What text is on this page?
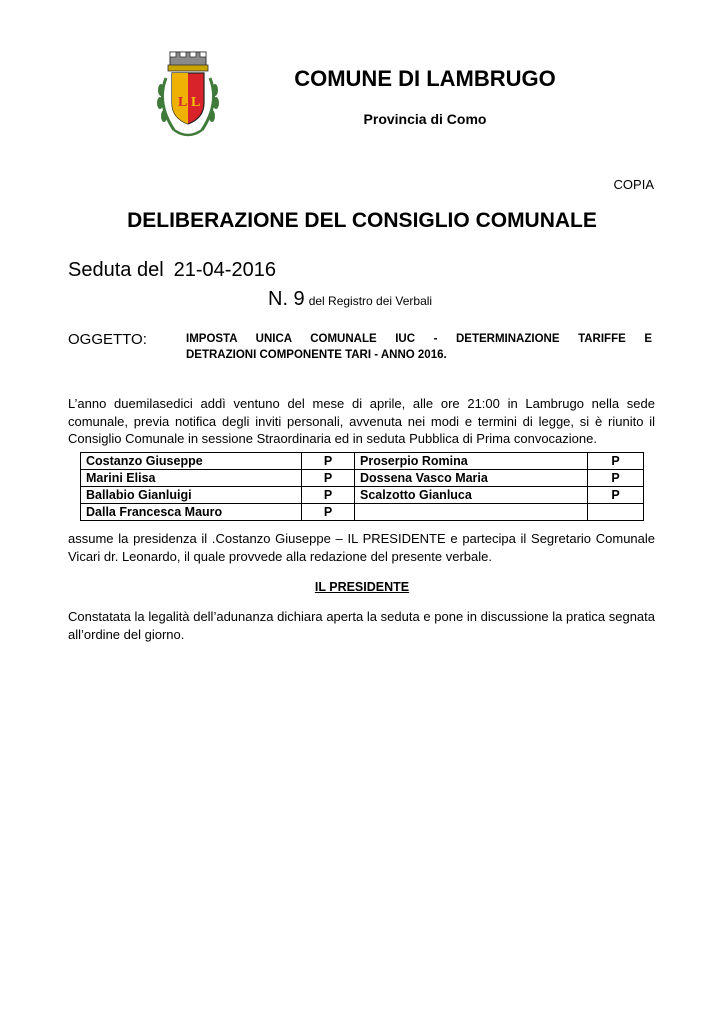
L L
COMUNE DI LAMBRUGO
Provincia di Como
COPIA
DELIBERAZIONE DEL CONSIGLIO COMUNALE
Seduta del 21-04-2016
N. 9 del Registro dei Verbali
OGGETTO:	IMPOSTA UNICA COMUNALE IUC - DETERMINAZIONE TARIFFE E
DETRAZIONI COMPONENTE TARI - ANNO 2016.
L’anno duemilasedici addì ventuno del mese di aprile, alle ore 21:00 in Lambrugo nella sede comunale, previa notifica degli inviti personali, avvenuta nei modi e termini di legge, si è riunito il Consiglio Comunale in sessione Straordinaria ed in seduta Pubblica di Prima convocazione.
Costanzo Giuseppe	P	Proserpio Romina	P
Marini Elisa	P	Dossena Vasco Maria	P
Ballabio Gianluigi	P	Scalzotto Gianluca	P
Dalla Francesca Mauro	P		
assume la presidenza il .Costanzo Giuseppe – IL PRESIDENTE e partecipa il Segretario Comunale Vicari dr. Leonardo, il quale provvede alla redazione del presente verbale.
IL PRESIDENTE
Constatata la legalità dell’adunanza dichiara aperta la seduta e pone in discussione la pratica segnata all’ordine del giorno.
